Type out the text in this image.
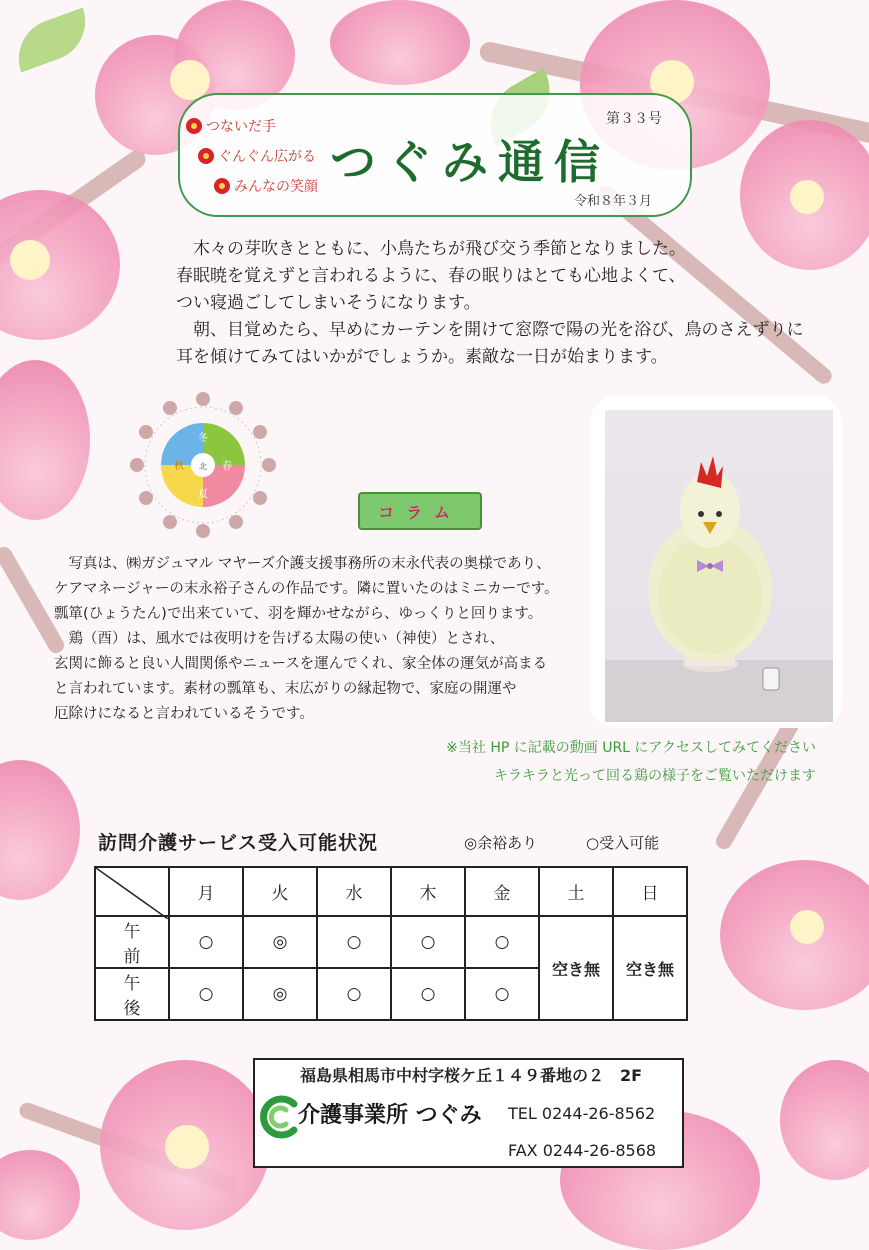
つないだ手
ぐんぐん広がる
みんなの笑顔 つぐみ通信
第３３号
令和８年３月

　木々の芽吹きとともに、小鳥たちが飛び交う季節となりました。

春眠暁を覚えずと言われるように、春の眠りはとても心地よくて、

つい寝過ごしてしまいそうになります。

　朝、目覚めたら、早めにカーテンを開けて窓際で陽の光を浴び、鳥のさえずりに

耳を傾けてみてはいかがでしょうか。素敵な一日が始まります。

冬
春
夏
秋 北
コラム

　写真は、㈱ガジュマル マヤーズ介護支援事務所の末永代表の奥様であり、

ケアマネージャーの末永裕子さんの作品です。隣に置いたのはミニカーです。

瓢箪(ひょうたん)で出来ていて、羽を輝かせながら、ゆっくりと回ります。

　鶏（酉）は、風水では夜明けを告げる太陽の使い（神使）とされ、

玄関に飾ると良い人間関係やニュースを運んでくれ、家全体の運気が高まる

と言われています。素材の瓢箪も、末広がりの縁起物で、家庭の開運や

厄除けになると言われているそうです。

※当社 HP に記載の動画 URL にアクセスしてみてください
キラキラと光って回る鶏の様子をご覧いただけます
訪問介護サービス受入可能状況	◎余裕あり	○受入可能
	月	火	水	木	金	土	日
午前	○	◎	○	○	○	空き無	空き無
午後	○	◎	○	○	○		
福島県相馬市中村字桜ケ丘１４９番地の２　2F
介護事業所 つぐみ TEL 0244-26-8562
FAX 0244-26-8568
